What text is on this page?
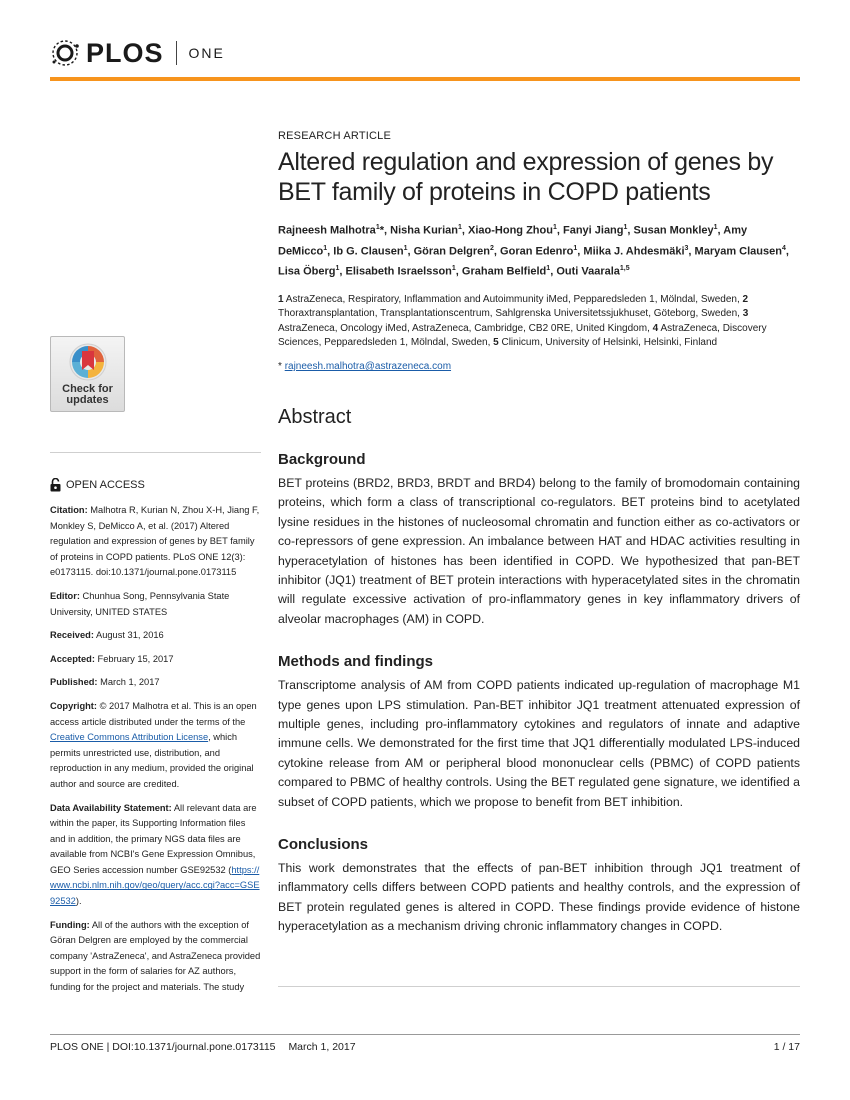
PLOS ONE
Check for
updates
OPEN ACCESS

Citation: Malhotra R, Kurian N, Zhou X-H, Jiang F, Monkley S, DeMicco A, et al. (2017) Altered regulation and expression of genes by BET family of proteins in COPD patients. PLoS ONE 12(3): e0173115. doi:10.1371/journal.pone.0173115

Editor: Chunhua Song, Pennsylvania State University, UNITED STATES

Received: August 31, 2016

Accepted: February 15, 2017

Published: March 1, 2017

Copyright: © 2017 Malhotra et al. This is an open access article distributed under the terms of the Creative Commons Attribution License, which permits unrestricted use, distribution, and reproduction in any medium, provided the original author and source are credited.

Data Availability Statement: All relevant data are within the paper, its Supporting Information files and in addition, the primary NGS data files are available from NCBI's Gene Expression Omnibus, GEO Series accession number GSE92532 (https://www.ncbi.nlm.nih.gov/geo/query/acc.cgi?acc=GSE92532).

Funding: All of the authors with the exception of Göran Delgren are employed by the commercial company 'AstraZeneca', and AstraZeneca provided support in the form of salaries for AZ authors, funding for the project and materials. The study

RESEARCH ARTICLE

Altered regulation and expression of genes by BET family of proteins in COPD patients

Rajneesh Malhotra$^1$*, Nisha Kurian$^1$, Xiao-Hong Zhou$^1$, Fanyi Jiang$^1$, Susan Monkley$^1$, Amy DeMicco$^1$, Ib G. Clausen$^1$, Göran Delgren$^2$, Goran Edenro$^1$, Miika J. Ahdesmäki$^3$, Maryam Clausen$^4$, Lisa Öberg$^1$, Elisabeth Israelsson$^1$, Graham Belfield$^1$, Outi Vaarala$^{1,5}$

1 AstraZeneca, Respiratory, Inflammation and Autoimmunity iMed, Pepparedsleden 1, Mölndal, Sweden, 2 Thoraxtransplantation, Transplantationscentrum, Sahlgrenska Universitetssjukhuset, Göteborg, Sweden, 3 AstraZeneca, Oncology iMed, AstraZeneca, Cambridge, CB2 0RE, United Kingdom, 4 AstraZeneca, Discovery Sciences, Pepparedsleden 1, Mölndal, Sweden, 5 Clinicum, University of Helsinki, Helsinki, Finland

* rajneesh.malhotra@astrazeneca.com

Abstract
Background

BET proteins (BRD2, BRD3, BRDT and BRD4) belong to the family of bromodomain containing proteins, which form a class of transcriptional co-regulators. BET proteins bind to acetylated lysine residues in the histones of nucleosomal chromatin and function either as co-activators or co-repressors of gene expression. An imbalance between HAT and HDAC activities resulting in hyperacetylation of histones has been identified in COPD. We hypothesized that pan-BET inhibitor (JQ1) treatment of BET protein interactions with hyperacetylated sites in the chromatin will regulate excessive activation of pro-inflammatory genes in key inflammatory drivers of alveolar macrophages (AM) in COPD.

Methods and findings

Transcriptome analysis of AM from COPD patients indicated up-regulation of macrophage M1 type genes upon LPS stimulation. Pan-BET inhibitor JQ1 treatment attenuated expression of multiple genes, including pro-inflammatory cytokines and regulators of innate and adaptive immune cells. We demonstrated for the first time that JQ1 differentially modulated LPS-induced cytokine release from AM or peripheral blood mononuclear cells (PBMC) of COPD patients compared to PBMC of healthy controls. Using the BET regulated gene signature, we identified a subset of COPD patients, which we propose to benefit from BET inhibition.

Conclusions

This work demonstrates that the effects of pan-BET inhibition through JQ1 treatment of inflammatory cells differs between COPD patients and healthy controls, and the expression of BET protein regulated genes is altered in COPD. These findings provide evidence of histone hyperacetylation as a mechanism driving chronic inflammatory changes in COPD.

PLOS ONE | DOI:10.1371/journal.pone.0173115 March 1, 2017	1 / 17
